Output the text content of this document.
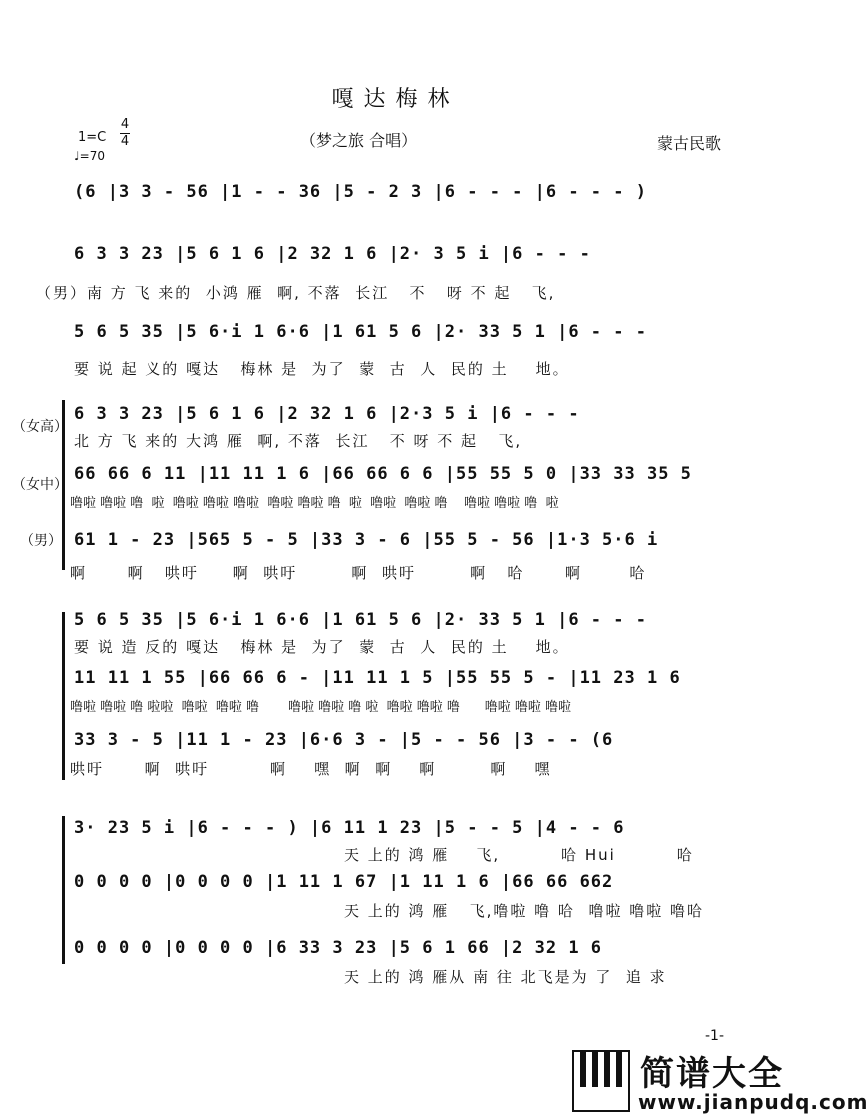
嘎达梅林
（梦之旅 合唱）	蒙古民歌
1=C
4
4
♩=70
(6 |3 3 - 56 |1 - - 36 |5 - 2 3 |6 - - - |6 - - - )
6 3 3 23 |5 6 1 6 |2 32 1 6 |2· 3 5 i |6 - - -
（男）南 方 飞 来的  小鸿 雁  啊, 不落  长江   不   呀 不 起   飞,
5 6 5 35 |5 6·i 1 6·6 |1 61 5 6 |2· 33 5 1 |6 - - -
要 说 起 义的 嘎达   梅林 是  为了  蒙  古  人  民的 土    地。
（女高）
（女中）
（男）
6 3 3 23 |5 6 1 6 |2 32 1 6 |2·3 5 i |6 - - -
北 方 飞 来的 大鸿 雁  啊, 不落  长江   不 呀 不 起   飞,
66 66 6 11 |11 11 1 6 |66 66 6 6 |55 55 5 0 |33 33 35 5
噜啦 噜啦 噜  啦  噜啦 噜啦 噜啦  噜啦 噜啦 噜  啦  噜啦  噜啦 噜    噜啦 噜啦 噜  啦
61 1 - 23 |565 5 - 5 |33 3 - 6 |55 5 - 56 |1·3 5·6 i
啊      啊   哄吁     啊  哄吁        啊  哄吁        啊   哈      啊       哈
5 6 5 35 |5 6·i 1 6·6 |1 61 5 6 |2· 33 5 1 |6 - - -
要 说 造 反的 嘎达   梅林 是  为了  蒙  古  人  民的 土    地。
11 11 1 55 |66 66 6 - |11 11 1 5 |55 55 5 - |11 23 1 6
噜啦 噜啦 噜 啦啦  噜啦  噜啦 噜       噜啦 噜啦 噜 啦  噜啦 噜啦 噜      噜啦 噜啦 噜啦
33 3 - 5 |11 1 - 23 |6·6 3 - |5 - - 56 |3 - - (6
哄吁      啊  哄吁         啊    嘿  啊  啊    啊        啊    嘿
3· 23 5 i |6 - - - ) |6 11 1 23 |5 - - 5 |4 - - 6
天 上的 鸿 雁    飞,         哈 Hui         哈
0 0 0 0 |0 0 0 0 |1 11 1 67 |1 11 1 6 |66 66 662
天 上的 鸿 雁   飞,噜啦 噜 哈  噜啦 噜啦 噜哈
0 0 0 0 |0 0 0 0 |6 33 3 23 |5 6 1 66 |2 32 1 6
天 上的 鸿 雁从 南 往 北飞是为 了  追 求
-1-
简谱大全
www.jianpudq.com
